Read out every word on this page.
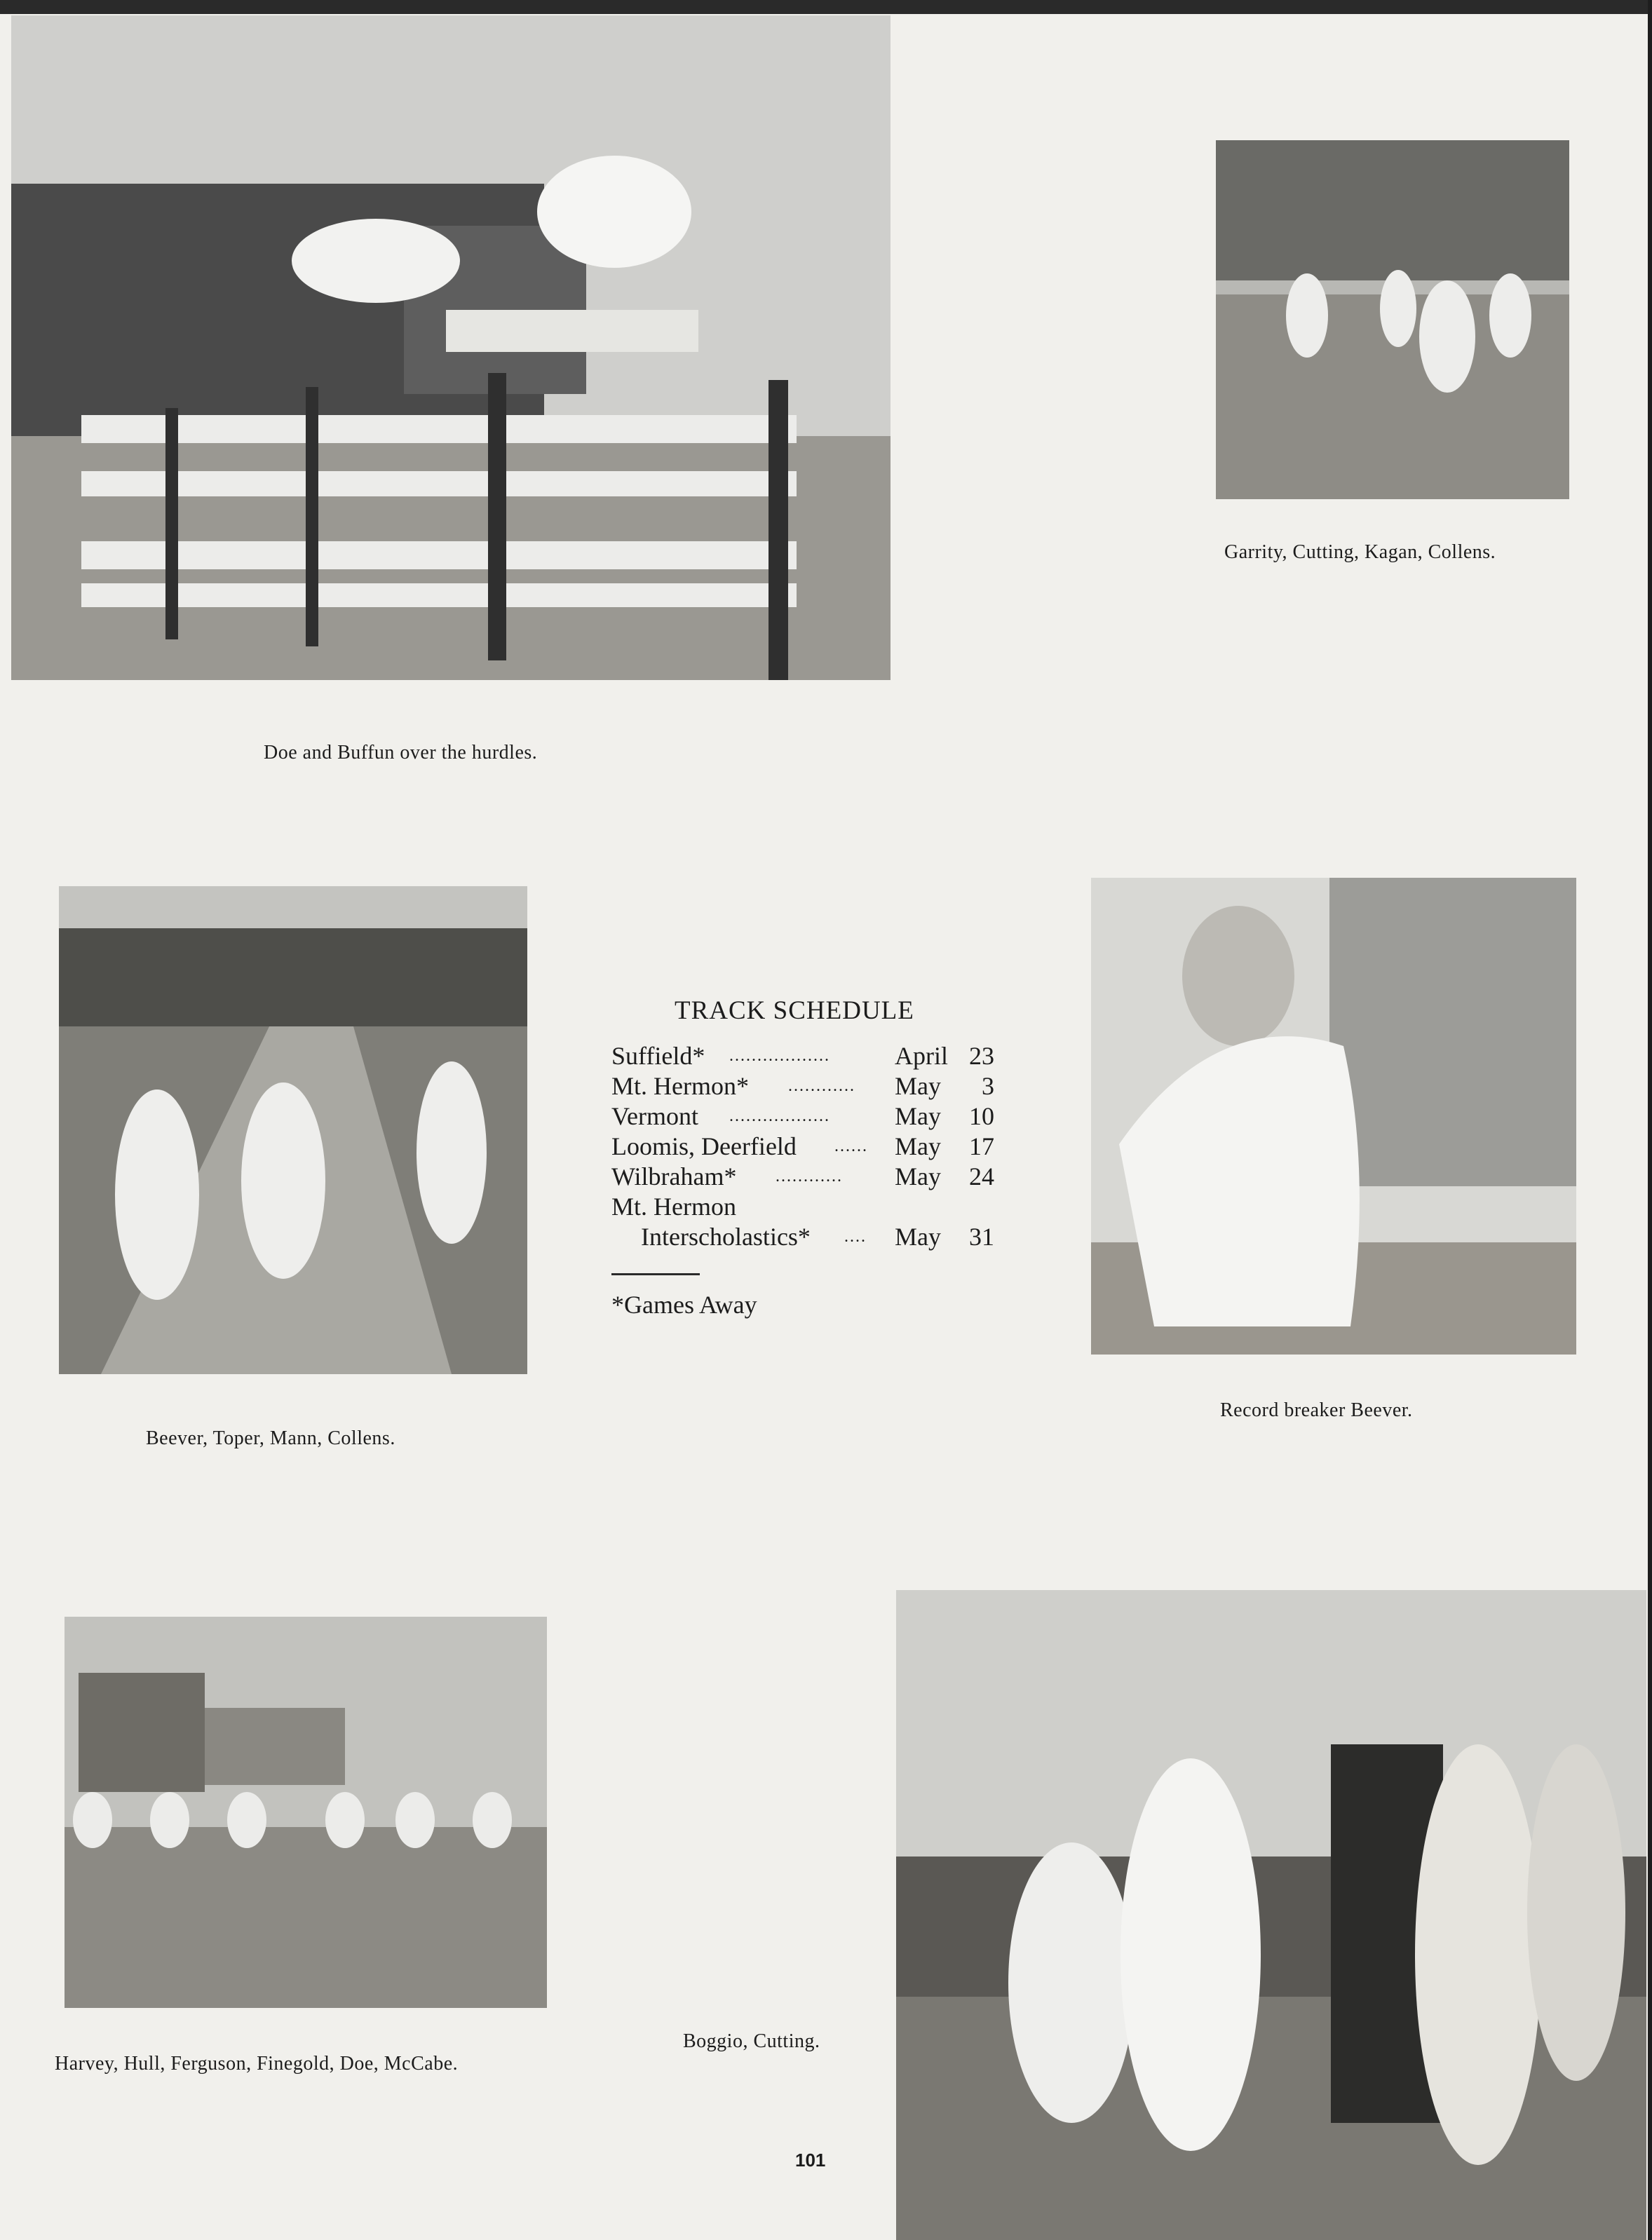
Doe and Buffun over the hurdles.
Garrity, Cutting, Kagan, Collens.
Beever, Toper, Mann, Collens.
Record breaker Beever.
TRACK SCHEDULE
Suffield* ..................	April 23
Mt. Hermon* ............ May 3
Vermont ..................	May 10
Loomis, Deerfield ...... May 17
Wilbraham* ............ May 24
Mt. Hermon
Interscholastics* .... May 31
*Games Away
Harvey, Hull, Ferguson, Finegold, Doe, McCabe.
Boggio, Cutting.
101
